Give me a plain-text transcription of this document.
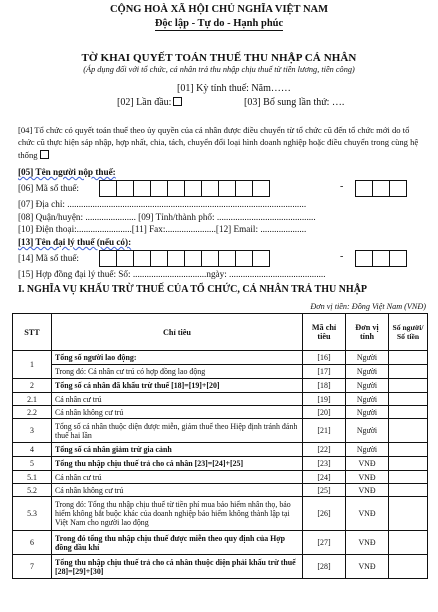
CỘNG HOÀ XÃ HỘI CHỦ NGHĨA VIỆT NAM
Độc lập - Tự do - Hạnh phúc
TỜ KHAI QUYẾT TOÁN THUẾ THU NHẬP CÁ NHÂN
(Áp dụng đối với tổ chức, cá nhân trả thu nhập chịu thuế từ tiền lương, tiền công)
[01] Kỳ tính thuế: Năm……
[02] Lần đầu:	[03] Bổ sung lần thứ: ….
[04] Tổ chức có quyết toán thuế theo ủy quyền của cá nhân được điều chuyển từ tổ chức cũ đến tổ chức mới do tổ chức cũ thực hiện sáp nhập, hợp nhất, chia, tách, chuyển đổi loại hình doanh nghiệp hoặc điều chuyển trong cùng hệ thống
[05] Tên người nộp thuế:
[06] Mã số thuế:	-
[07] Địa chỉ: ........................................................................................................
[08] Quận/huyện: ...................... [09] Tỉnh/thành phố: ...........................................
[10] Điện thoại:........................[11] Fax:......................[12] Email: ....................
[13] Tên đại lý thuế (nếu có):
[14] Mã số thuế:	-
[15] Hợp đồng đại lý thuế: Số: ................................ngày: ..........................................
I. NGHĨA VỤ KHẤU TRỪ THUẾ CỦA TỔ CHỨC, CÁ NHÂN TRẢ THU NHẬP
Đơn vị tiền: Đồng Việt Nam (VNĐ)
STT	Chỉ tiêu	Mã chỉ tiêu	Đơn vị tính	Số người/ Số tiền
1	Tổng số người lao động:	[16]	Người	
	Trong đó: Cá nhân cư trú có hợp đồng lao động	[17]	Người	
2	Tổng số cá nhân đã khấu trừ thuế [18]=[19]+[20]	[18]	Người	
2.1	Cá nhân cư trú	[19]	Người	
2.2	Cá nhân không cư trú	[20]	Người	
3	Tổng số cá nhân thuộc diện được miễn, giảm thuế theo Hiệp định tránh đánh thuế hai lần	[21]	Người	
4	Tổng số cá nhân giảm trừ gia cảnh	[22]	Người	
5	Tổng thu nhập chịu thuế trả cho cá nhân [23]=[24]+[25]	[23]	VNĐ	
5.1	Cá nhân cư trú	[24]	VNĐ	
5.2	Cá nhân không cư trú	[25]	VNĐ	
5.3	Trong đó: Tổng thu nhập chịu thuế từ tiền phí mua bảo hiểm nhân thọ, bảo hiểm không bắt buộc khác của doanh nghiệp bảo hiểm không thành lập tại Việt Nam cho người lao động	[26]	VNĐ	
6	Trong đó tổng thu nhập chịu thuế được miễn theo quy định của Hợp đồng dầu khí	[27]	VNĐ	
7	Tổng thu nhập chịu thuế trả cho cá nhân thuộc diện phải khấu trừ thuế [28]=[29]+[30]	[28]	VNĐ	
